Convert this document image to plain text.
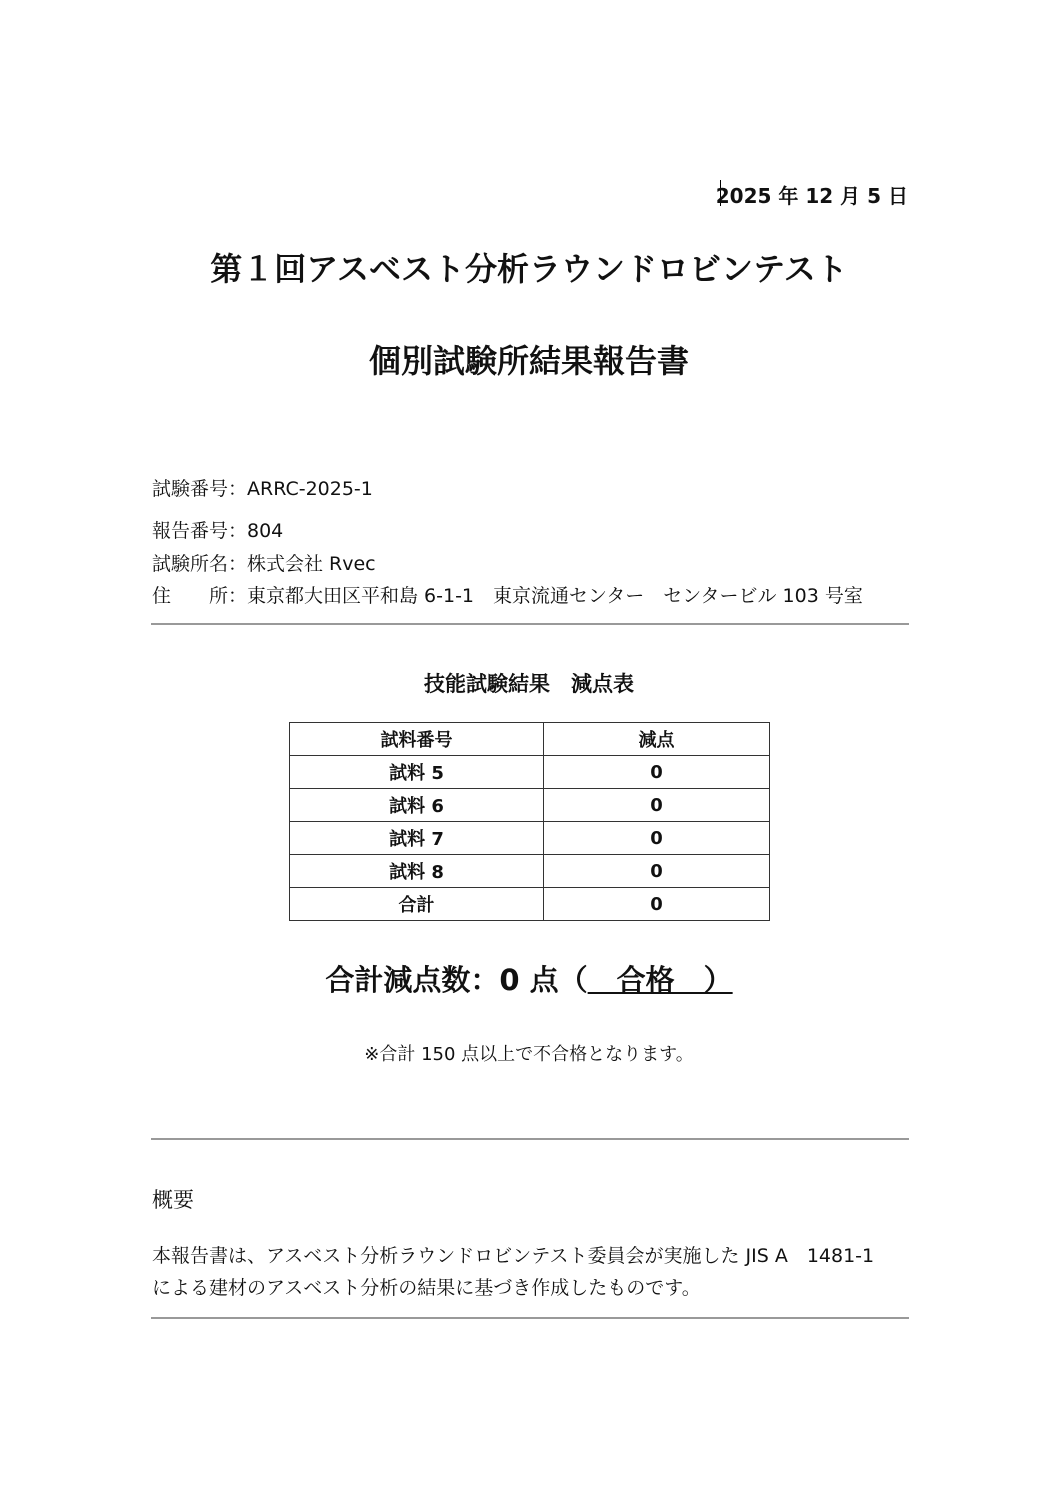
2025 年 12 月 5 日
第１回アスベスト分析ラウンドロビンテスト
個別試験所結果報告書
試験番号：ARRC-2025-1
報告番号：804
試験所名：株式会社 Rvec
住　　所：東京都大田区平和島 6-1-1　東京流通センター　センタービル 103 号室
技能試験結果　減点表
試料番号	減点
試料 5	0
試料 6	0
試料 7	0
試料 8	0
合計	0
合計減点数：0 点（　合格　）
※合計 150 点以上で不合格となります。
概要
本報告書は、アスベスト分析ラウンドロビンテスト委員会が実施した JIS A　1481-1
による建材のアスベスト分析の結果に基づき作成したものです。
